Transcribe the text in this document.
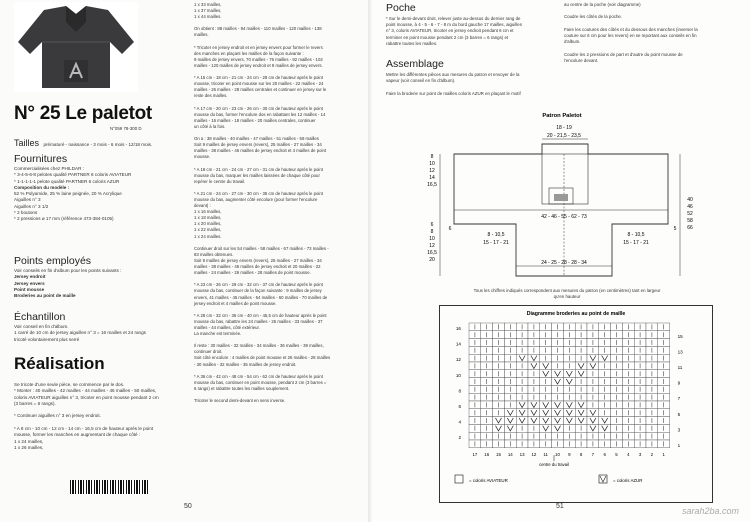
N° 25 Le paletot
N°059 78-300 D
Tailles prématuré - naissance - 3 mois - 6 mois - 12/18 mois.
Fournitures
Commercialisées chez PHILDAR :
* 3-4-5-6-8 pelotes qualité PARTNER 6 coloris AVIATEUR
* 1-1-1-1-1 pelote qualité PARTNER 6 coloris AZUR
Composition du modèle :
52 % Polyamide, 25 % laine peignée, 20 % Acrylique
Aiguilles n° 3
Aiguilles n° 3 1/2
* 2 boutons
* 2 pressions ø 17 mm (référence 473-384-0105)
Points employés
Voir conseils en fin d'album pour les points suivants :
Jersey endroit
Jersey envers
Point mousse
Broderies au point de maille
Échantillon
Voir conseil en fin d'album.
1 carré de 10 cm de jersey aiguilles n° 3 = 16 mailles et 24 rangs
tricoté volontairement plus serré
Réalisation
Se tricote d'une seule pièce, se commence par le dos.
* Monter : 40 mailles - 42 mailles - 44 mailles - 46 mailles - 50 mailles,
coloris AVIATEUR aiguilles n° 3, tricoter en point mousse pendant 2 cm
(3 barres = 6 rangs).

* Continuer aiguilles n° 3 en jersey endroit.

* A 8 cm - 10 cm - 12 cm - 14 cm - 16,5 cm de hauteur après le point
mousse, former les manches en augmentant de chaque côté :
1 x 24 mailles,
1 x 26 mailles,
1 x 33 mailles,
1 x 37 mailles,
1 x 44 mailles.

On obtient : 88 mailles - 94 mailles - 110 mailles - 120 mailles - 138
mailles.

* Tricoter en jersey endroit et en jersey envers pour former le revers
des manches en plaçant les mailles de la façon suivante :
9 mailles de jersey envers, 70 mailles - 76 mailles - 92 mailles - 102
mailles - 120 mailles de jersey endroit et 9 mailles de jersey envers.

* A 15 cm - 18 cm - 21 cm - 24 cm - 28 cm de hauteur après le point
mousse, tricoter en point mousse sur les 20 mailles - 22 mailles - 24
mailles - 26 mailles - 28 mailles centrales et continuer en jersey sur le
reste des mailles.

* A 17 cm - 20 cm - 23 cm - 26 cm - 30 cm de hauteur après le point
mousse du bas, former l'encolure dos en rabattant les 12 mailles - 14
mailles - 16 mailles - 18 mailles - 20 mailles centrales, continuer
un côté à la fois.

On a : 38 mailles - 40 mailles - 47 mailles - 51 mailles - 59 mailles
Soit 9 mailles de jersey envers (revers), 25 mailles - 27 mailles - 34
mailles - 38 mailles - 46 mailles de jersey endroit et 4 mailles de point
mousse.

* A 18 cm - 21 cm - 24 cm - 27 cm - 31 cm de hauteur après le point
mousse du bas, marquer les mailles laissées de chaque côté pour
repérer le centre du travail.

* A 21 cm - 24 cm - 27 cm - 30 cm - 35 cm de hauteur après le point
mousse du bas, augmenter côté encolure (pour former l'encolure
devant) :
1 x 16 mailles,
1 x 18 mailles,
1 x 20 mailles,
1 x 22 mailles,
1 x 24 mailles.

Continuer droit sur les 54 mailles - 58 mailles - 67 mailles - 73 mailles -
83 mailles obtenues.
Soit 9 mailles de jersey envers (revers), 25 mailles - 27 mailles - 34
mailles - 38 mailles - 46 mailles de jersey endroit et 20 mailles - 22
mailles - 24 mailles - 26 mailles - 28 mailles de point mousse.

* A 23 cm - 26 cm - 29 cm - 32 cm - 37 cm de hauteur après le point
mousse du bas, continuer de la façon suivante : 9 mailles de jersey
envers, 41 mailles - 45 mailles - 54 mailles - 60 mailles - 70 mailles de
jersey endroit et 4 mailles de point mousse.

* A 28 cm - 32 cm - 36 cm - 40 cm - 45,5 cm de hauteur après le point
mousse du bas, rabattre les 24 mailles - 26 mailles - 33 mailles - 37
mailles - 44 mailles, côté extérieur.
La manche est terminée.

Il reste : 30 mailles - 32 mailles - 34 mailles - 36 mailles - 39 mailles,
continuer droit.
Soit côté encolure : 4 mailles de point mousse et 26 mailles - 28 mailles
- 30 mailles - 32 mailles - 35 mailles de jersey endroit.

* A 36 cm - 42 cm - 48 cm - 54 cm - 62 cm de hauteur après le point
mousse du bas, continuer en point mousse, pendant 2 cm (3 barres =
6 rangs) et rabattre toutes les mailles souplement.

Tricoter le second demi-devant en sens inverse.
50
Poche
* Sur le demi-devant droit, relever juste au-dessus du dernier rang de
point mousse, à 4 - 5 - 6 - 7 - 8 m du bord gauche 17 mailles, aiguilles
n° 3, coloris AVIATEUR, tricoter en jersey endroit pendant 6 cm et
terminer en point mousse pendant 2 cm (3 barres = 6 rangs) et
rabattre toutes les mailles.
Assemblage
Mettre les différentes pièces aux mesures du patron et envoyer de la
vapeur (voir conseil en fin d'album).

Faire la broderie sur point de mailles coloris AZUR en plaçant le motif
au centre de la poche (voir diagramme)

Coudre les côtés de la poche.

Faire les coutures des côtés et du dessous des manches (inverser la
couture sur 6 cm pour les revers) en se reportant aux conseils en fin
d'album.

Coudre les 2 pressions de part et d'autre du point mousse de
l'encolure devant.
Patron Paletot
18 - 19
20 - 21,5 - 23,5
42 - 46 - 55 - 62 - 73
8 - 10,5
15 - 17 - 21
8 - 10,5
15 - 17 - 21
24 - 25 - 28 - 28 - 34
8
10
12
14
16,5
6
8
10
12
16,5
20
40
46
52
58
66
6	5
Tous les chiffres indiqués correspondent aux mesures du patron (en centimètres) tant en largeur
qu'en hauteur
Diagramme broderies au point de maille
16
14
12
10
8
6
4
2
15
13
11
9
7
5
3
1
17 16 15 14 13 12 11 10 9 8 7 6 5 4 3 2 1
centre du travail
= coloris AVIATEUR	= coloris AZUR
51	sarah2ba.com
